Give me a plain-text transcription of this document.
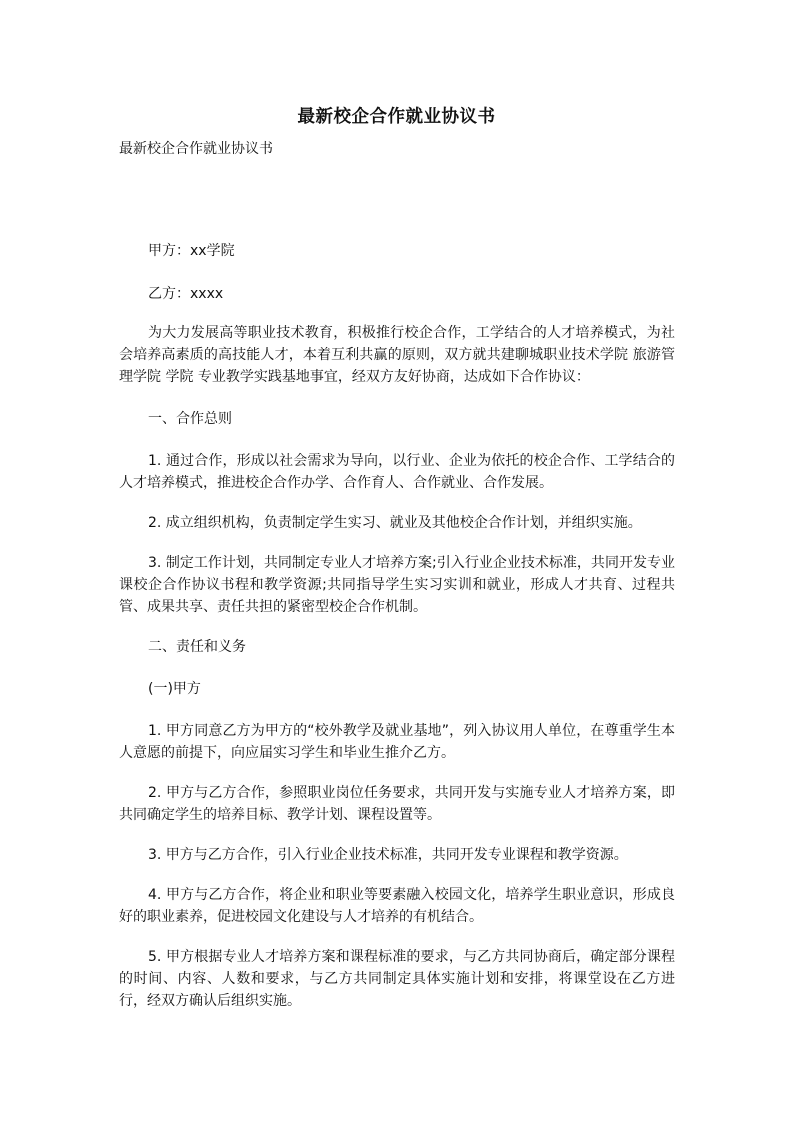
最新校企合作就业协议书

最新校企合作就业协议书

甲方：xx学院

乙方：xxxx

为大力发展高等职业技术教育，积极推行校企合作，工学结合的人才培养模式，为社会培养高素质的高技能人才，本着互利共赢的原则，双方就共建聊城职业技术学院 旅游管理学院 学院 专业教学实践基地事宜，经双方友好协商，达成如下合作协议：

一、合作总则

1. 通过合作，形成以社会需求为导向，以行业、企业为依托的校企合作、工学结合的人才培养模式，推进校企合作办学、合作育人、合作就业、合作发展。

2. 成立组织机构，负责制定学生实习、就业及其他校企合作计划，并组织实施。

3. 制定工作计划，共同制定专业人才培养方案;引入行业企业技术标准，共同开发专业课校企合作协议书程和教学资源;共同指导学生实习实训和就业，形成人才共育、过程共管、成果共享、责任共担的紧密型校企合作机制。

二、责任和义务

(一)甲方

1. 甲方同意乙方为甲方的“校外教学及就业基地”，列入协议用人单位，在尊重学生本人意愿的前提下，向应届实习学生和毕业生推介乙方。

2. 甲方与乙方合作，参照职业岗位任务要求，共同开发与实施专业人才培养方案，即共同确定学生的培养目标、教学计划、课程设置等。

3. 甲方与乙方合作，引入行业企业技术标准，共同开发专业课程和教学资源。

4. 甲方与乙方合作，将企业和职业等要素融入校园文化，培养学生职业意识，形成良好的职业素养，促进校园文化建设与人才培养的有机结合。

5. 甲方根据专业人才培养方案和课程标准的要求，与乙方共同协商后，确定部分课程的时间、内容、人数和要求，与乙方共同制定具体实施计划和安排，将课堂设在乙方进行，经双方确认后组织实施。
